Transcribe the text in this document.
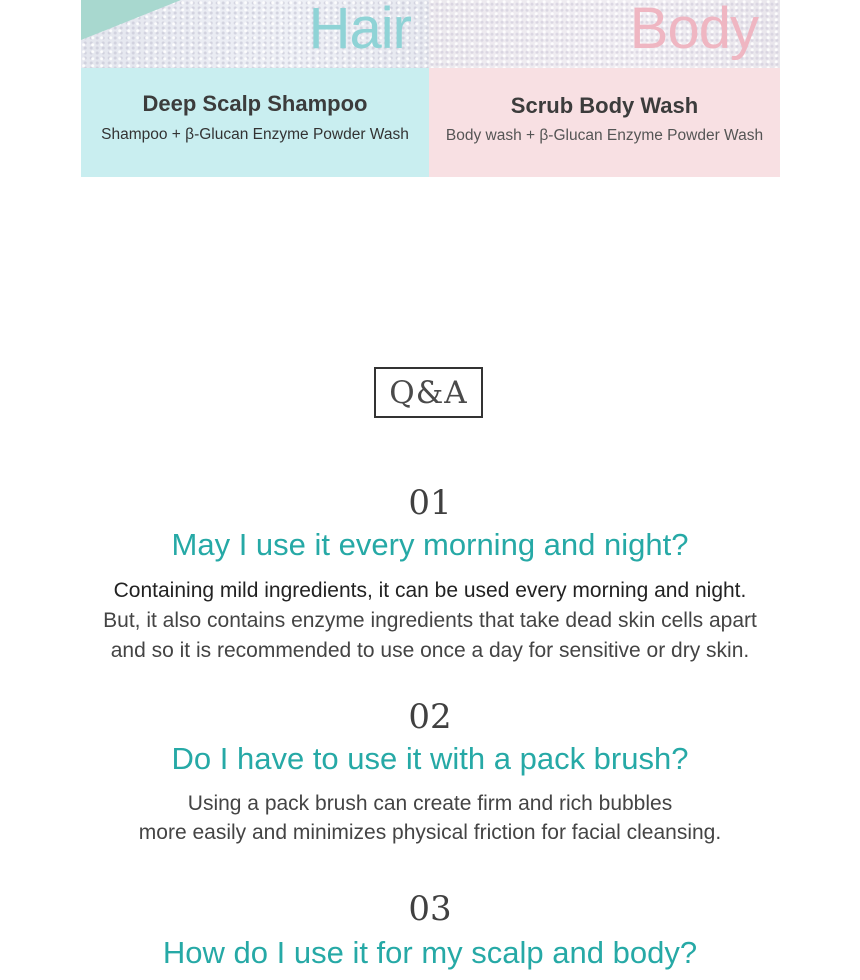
Hair
Deep Scalp Shampoo
Shampoo + β-Glucan Enzyme Powder Wash
Body
Scrub Body Wash
Body wash + β-Glucan Enzyme Powder Wash
Q&A
01
May I use it every morning and night?
Containing mild ingredients, it can be used every morning and night.
But, it also contains enzyme ingredients that take dead skin cells apart
and so it is recommended to use once a day for sensitive or dry skin.
02
Do I have to use it with a pack brush?
Using a pack brush can create firm and rich bubbles
more easily and minimizes physical friction for facial cleansing.
03
How do I use it for my scalp and body?
